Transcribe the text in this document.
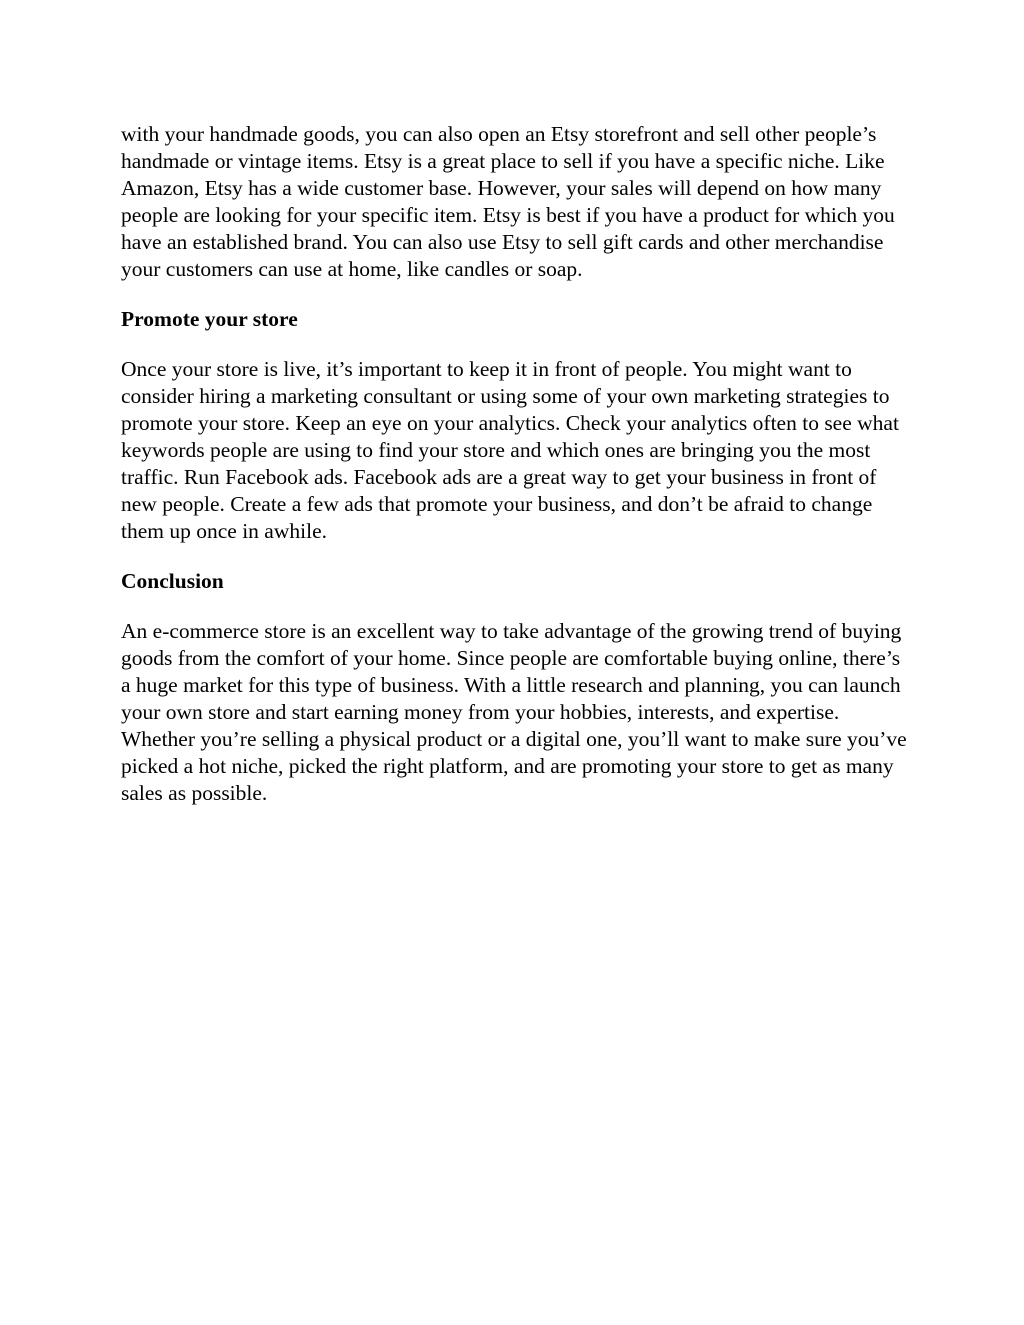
with your handmade goods, you can also open an Etsy storefront and sell other people’s handmade or vintage items. Etsy is a great place to sell if you have a specific niche. Like Amazon, Etsy has a wide customer base. However, your sales will depend on how many people are looking for your specific item. Etsy is best if you have a product for which you have an established brand. You can also use Etsy to sell gift cards and other merchandise your customers can use at home, like candles or soap.

Promote your store

Once your store is live, it’s important to keep it in front of people. You might want to consider hiring a marketing consultant or using some of your own marketing strategies to promote your store. Keep an eye on your analytics. Check your analytics often to see what keywords people are using to find your store and which ones are bringing you the most traffic. Run Facebook ads. Facebook ads are a great way to get your business in front of new people. Create a few ads that promote your business, and don’t be afraid to change them up once in awhile.

Conclusion

An e-commerce store is an excellent way to take advantage of the growing trend of buying goods from the comfort of your home. Since people are comfortable buying online, there’s a huge market for this type of business. With a little research and planning, you can launch your own store and start earning money from your hobbies, interests, and expertise. Whether you’re selling a physical product or a digital one, you’ll want to make sure you’ve picked a hot niche, picked the right platform, and are promoting your store to get as many sales as possible.
